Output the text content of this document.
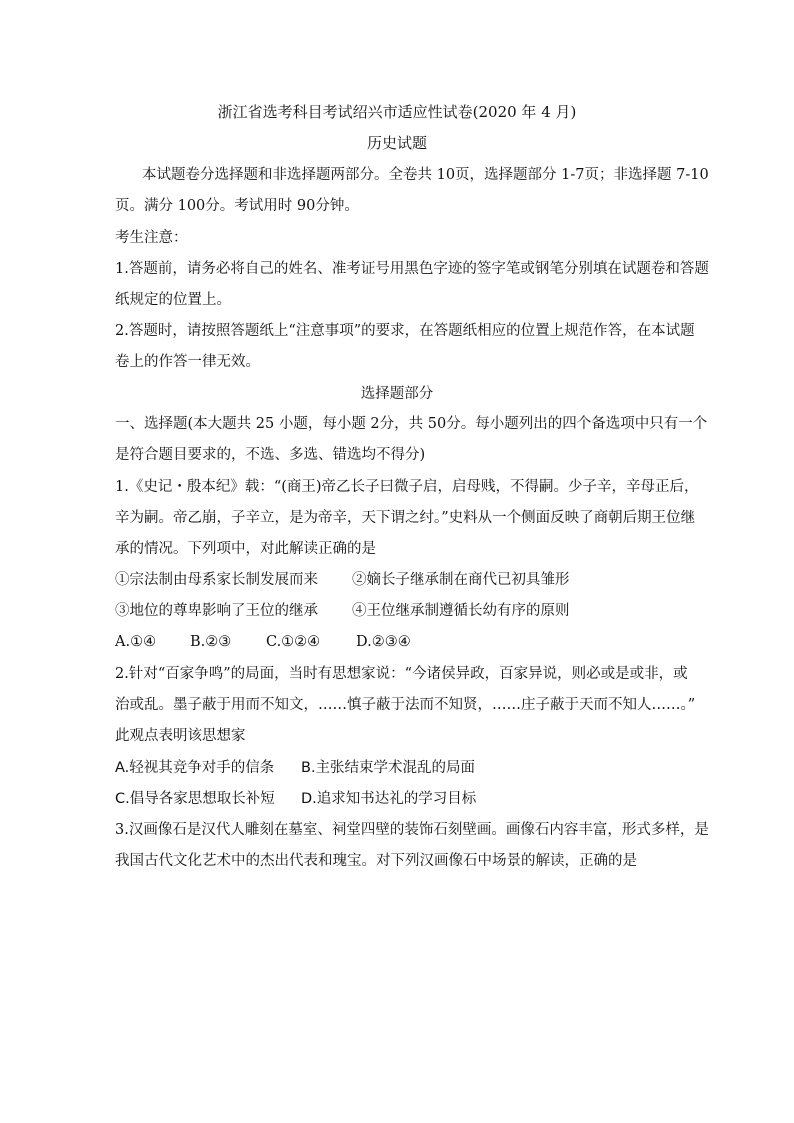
浙江省选考科目考试绍兴市适应性试卷(2020 年 4 月)
历史试题
本试题卷分选择题和非选择题两部分。全卷共 10页，选择题部分 1-7页；非选择题 7-10
页。满分 100分。考试用时 90分钟。
考生注意：
1.答题前，请务必将自己的姓名、准考证号用黑色字迹的签字笔或钢笔分别填在试题卷和答题
纸规定的位置上。
2.答题时，请按照答题纸上“注意事项”的要求，在答题纸相应的位置上规范作答，在本试题
卷上的作答一律无效。
选择题部分
一、选择题(本大题共 25 小题，每小题 2分，共 50分。每小题列出的四个备选项中只有一个
是符合题目要求的，不选、多选、错选均不得分)
1.《史记・殷本纪》载：“(商王)帝乙长子曰微子启，启母贱，不得嗣。少子辛，辛母正后，
辛为嗣。帝乙崩，子辛立，是为帝辛，天下谓之纣。”史料从一个侧面反映了商朝后期王位继
承的情况。下列项中，对此解读正确的是
①宗法制由母系家长制发展而来 ②嫡长子继承制在商代已初具雏形
③地位的尊卑影响了王位的继承 ④王位继承制遵循长幼有序的原则
A.①④ B.②③ C.①②④ D.②③④
2.针对“百家争鸣”的局面，当时有思想家说：“今诸侯异政，百家异说，则必或是或非，或
治或乱。墨子蔽于用而不知文，……慎子蔽于法而不知贤，……庄子蔽于天而不知人……。”
此观点表明该思想家
A.轻视其竞争对手的信条 B.主张结束学术混乱的局面
C.倡导各家思想取长补短 D.追求知书达礼的学习目标
3.汉画像石是汉代人雕刻在墓室、祠堂四壁的装饰石刻壁画。画像石内容丰富，形式多样，是
我国古代文化艺术中的杰出代表和瑰宝。对下列汉画像石中场景的解读，正确的是
